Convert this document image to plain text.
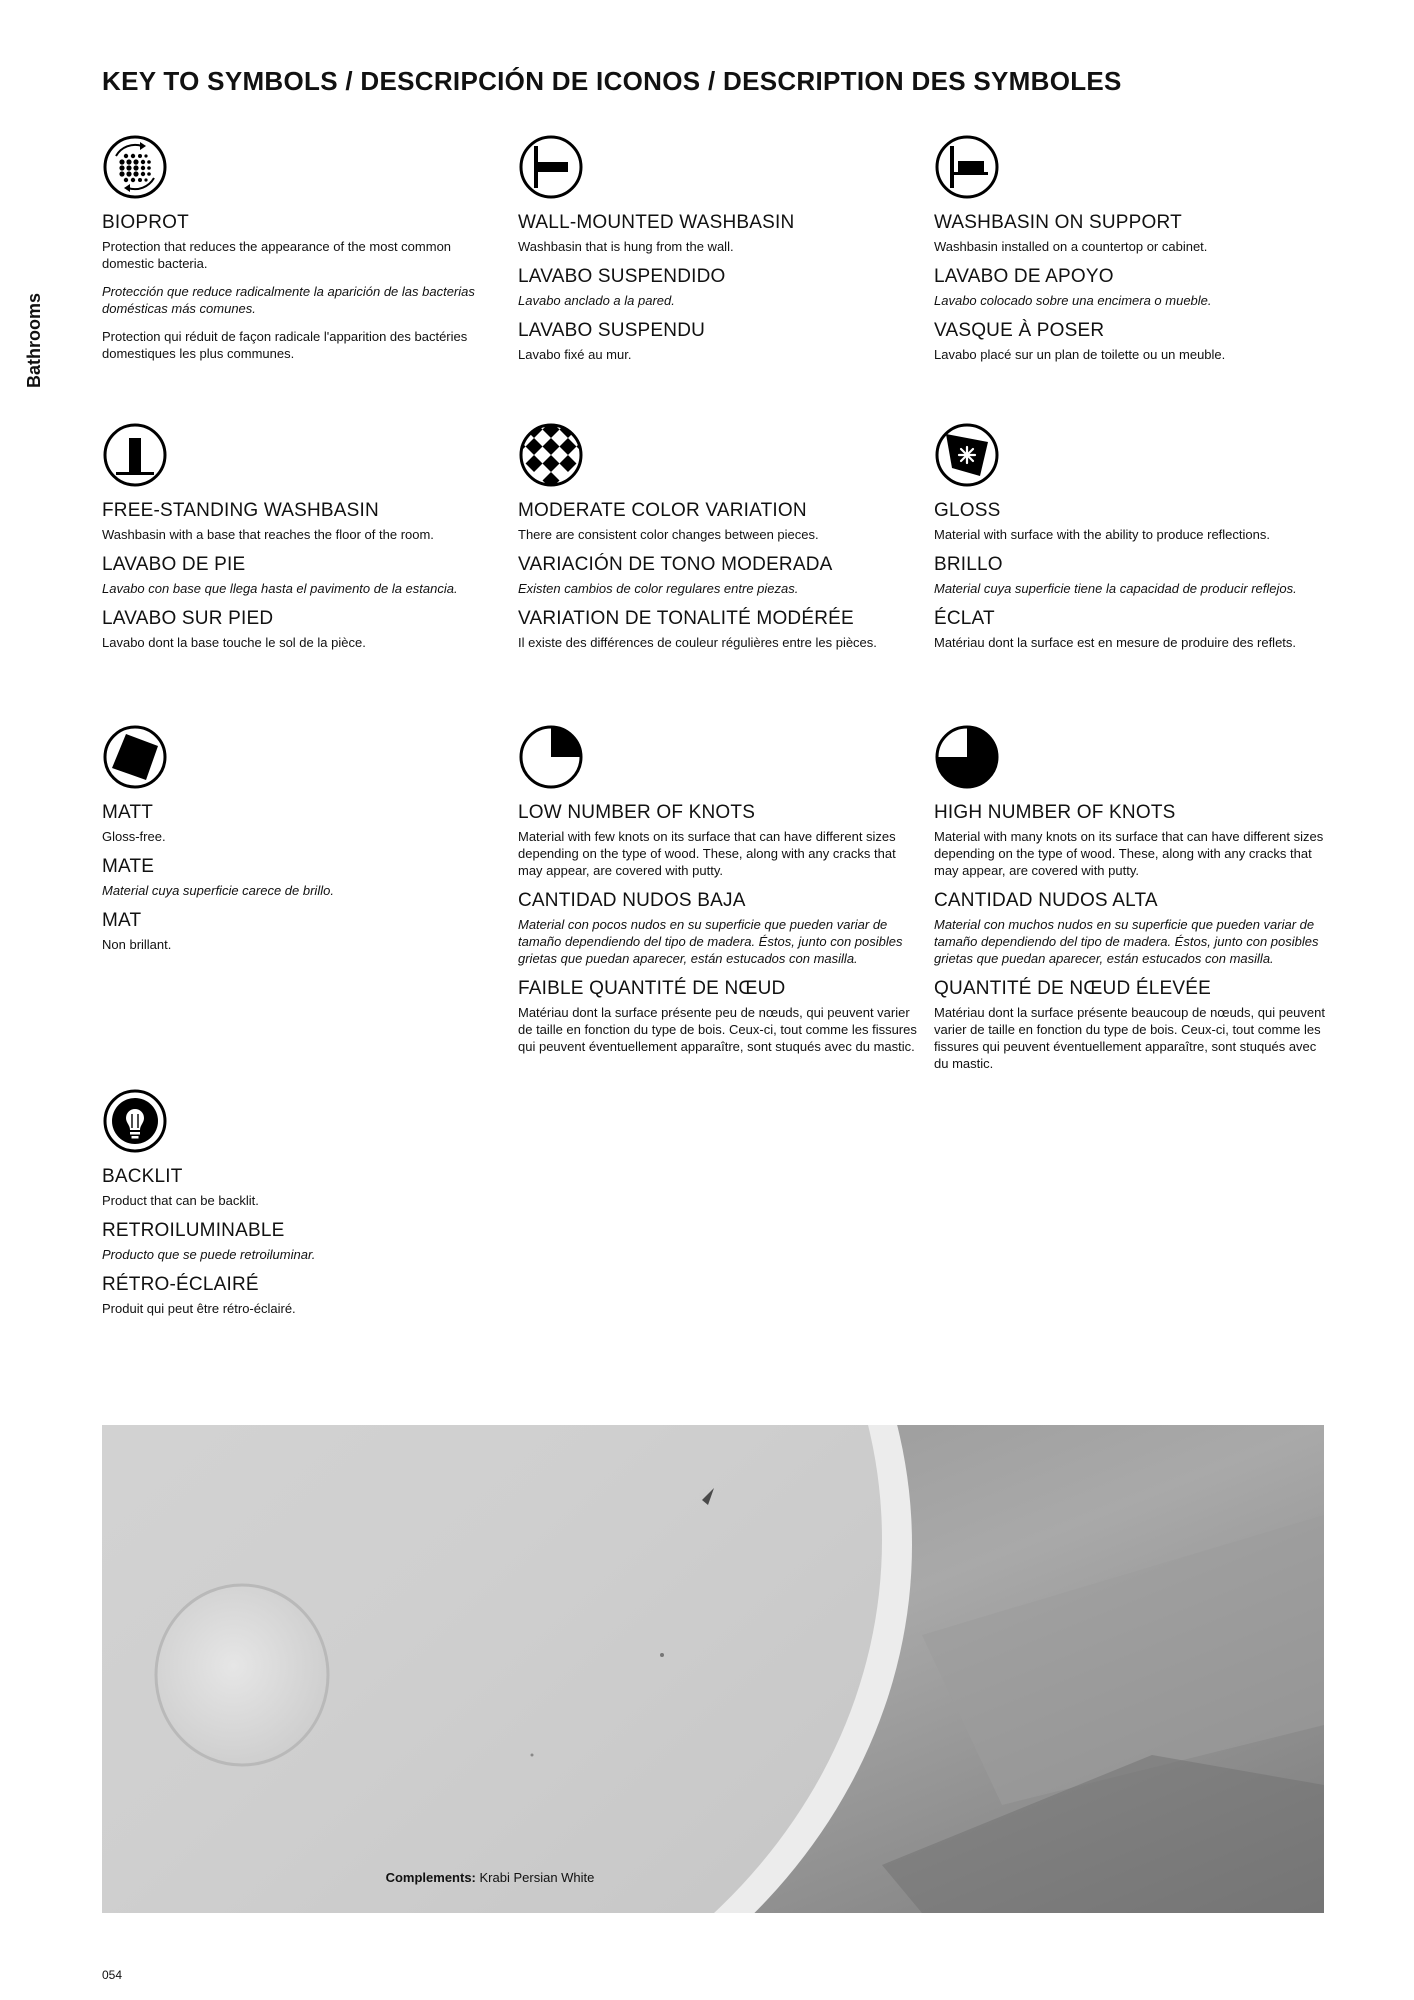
KEY TO SYMBOLS / DESCRIPCIÓN DE ICONOS / DESCRIPTION DES SYMBOLES
Bathrooms
BIOPROT

Protection that reduces the appearance of the most common domestic bacteria.

Protección que reduce radicalmente la aparición de las bacterias domésticas más comunes.

Protection qui réduit de façon radicale l'apparition des bactéries domestiques les plus communes.

WALL-MOUNTED WASHBASIN

Washbasin that is hung from the wall.

LAVABO SUSPENDIDO

Lavabo anclado a la pared.

LAVABO SUSPENDU

Lavabo fixé au mur.

WASHBASIN ON SUPPORT

Washbasin installed on a countertop or cabinet.

LAVABO DE APOYO

Lavabo colocado sobre una encimera o mueble.

VASQUE À POSER

Lavabo placé sur un plan de toilette ou un meuble.

FREE-STANDING WASHBASIN

Washbasin with a base that reaches the floor of the room.

LAVABO DE PIE

Lavabo con base que llega hasta el pavimento de la estancia.

LAVABO SUR PIED

Lavabo dont la base touche le sol de la pièce.

MODERATE COLOR VARIATION

There are consistent color changes between pieces.

VARIACIÓN DE TONO MODERADA

Existen cambios de color regulares entre piezas.

VARIATION DE TONALITÉ MODÉRÉE

Il existe des différences de couleur régulières entre les pièces.

GLOSS

Material with surface with the ability to produce reflections.

BRILLO

Material cuya superficie tiene la capacidad de producir reflejos.

ÉCLAT

Matériau dont la surface est en mesure de produire des reflets.

MATT

Gloss-free.

MATE

Material cuya superficie carece de brillo.

MAT

Non brillant.

LOW NUMBER OF KNOTS

Material with few knots on its surface that can have different sizes depending on the type of wood. These, along with any cracks that may appear, are covered with putty.

CANTIDAD NUDOS BAJA

Material con pocos nudos en su superficie que pueden variar de tamaño dependiendo del tipo de madera. Éstos, junto con posibles grietas que puedan aparecer, están estucados con masilla.

FAIBLE QUANTITÉ DE NŒUD

Matériau dont la surface présente peu de nœuds, qui peuvent varier de taille en fonction du type de bois. Ceux-ci, tout comme les fissures qui peuvent éventuellement apparaître, sont stuqués avec du mastic.

HIGH NUMBER OF KNOTS

Material with many knots on its surface that can have different sizes depending on the type of wood. These, along with any cracks that may appear, are covered with putty.

CANTIDAD NUDOS ALTA

Material con muchos nudos en su superficie que pueden variar de tamaño dependiendo del tipo de madera. Éstos, junto con posibles grietas que puedan aparecer, están estucados con masilla.

QUANTITÉ DE NŒUD ÉLEVÉE

Matériau dont la surface présente beaucoup de nœuds, qui peuvent varier de taille en fonction du type de bois. Ceux-ci, tout comme les fissures qui peuvent éventuellement apparaître, sont stuqués avec du mastic.

BACKLIT

Product that can be backlit.

RETROILUMINABLE

Producto que se puede retroiluminar.

RÉTRO-ÉCLAIRÉ

Produit qui peut être rétro-éclairé.

Complements: Krabi Persian White
054
